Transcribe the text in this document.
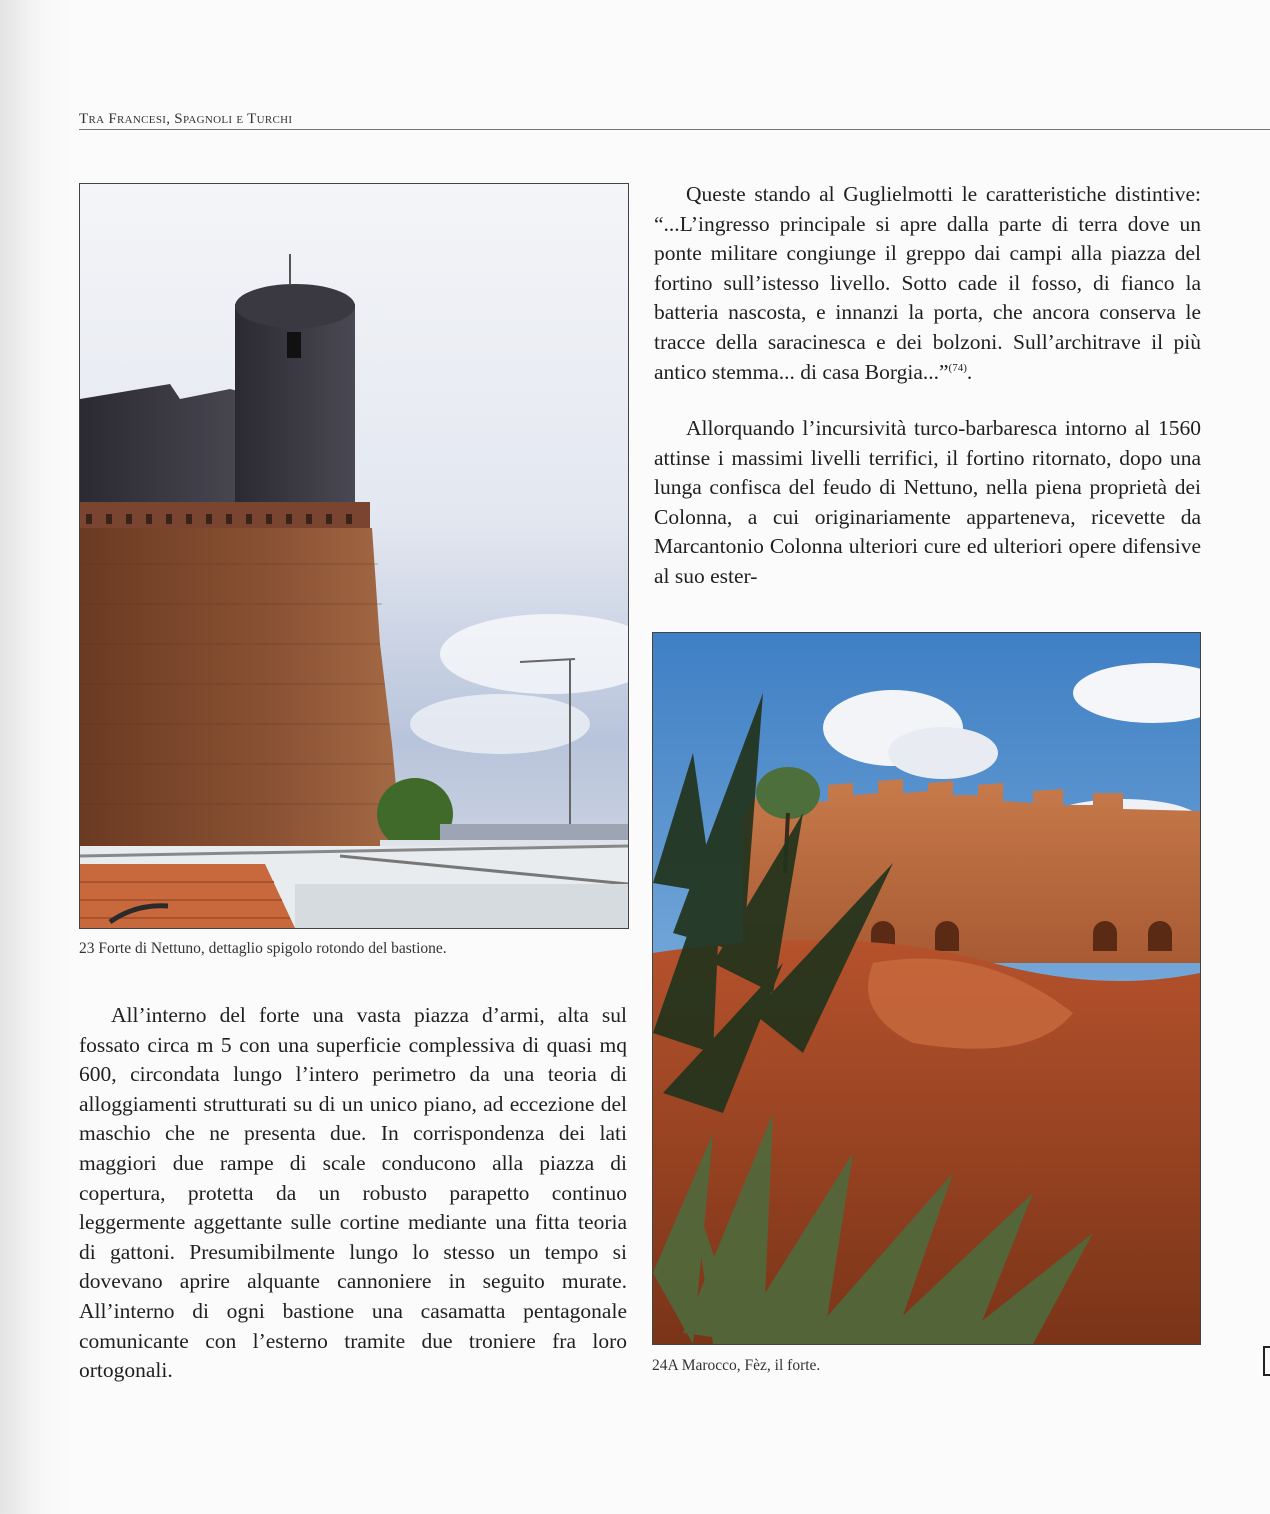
Tra Francesi, Spagnoli e Turchi
23 Forte di Nettuno, dettaglio spigolo rotondo del bastione.
24A Marocco, Fèz, il forte.

Queste stando al Guglielmotti le caratteristiche distintive: “...L’ingresso principale si apre dalla parte di terra dove un ponte militare congiunge il greppo dai campi alla piazza del fortino sull’istesso livello. Sotto cade il fosso, di fianco la batteria nascosta, e innanzi la porta, che ancora conserva le tracce della saracinesca e dei bolzoni. Sull’architrave il più antico stemma... di casa Borgia...”$^{(74)}$.

Allorquando l’incursività turco-barbaresca intorno al 1560 attinse i massimi livelli terrifici, il fortino ritornato, dopo una lunga confisca del feudo di Nettuno, nella piena proprietà dei Colonna, a cui originariamente apparteneva, ricevette da Marcantonio Colonna ulteriori cure ed ulteriori opere difensive al suo ester-

All’interno del forte una vasta piazza d’armi, alta sul fossato circa m 5 con una superficie complessiva di quasi mq 600, circondata lungo l’intero perimetro da una teoria di alloggiamenti strutturati su di un unico piano, ad eccezione del maschio che ne presenta due. In corrispondenza dei lati maggiori due rampe di scale conducono alla piazza di copertura, protetta da un robusto parapetto continuo leggermente aggettante sulle cortine mediante una fitta teoria di gattoni. Presumibilmente lungo lo stesso un tempo si dovevano aprire alquante cannoniere in seguito murate. All’interno di ogni bastione una casamatta pentagonale comunicante con l’esterno tramite due troniere fra loro ortogonali.
